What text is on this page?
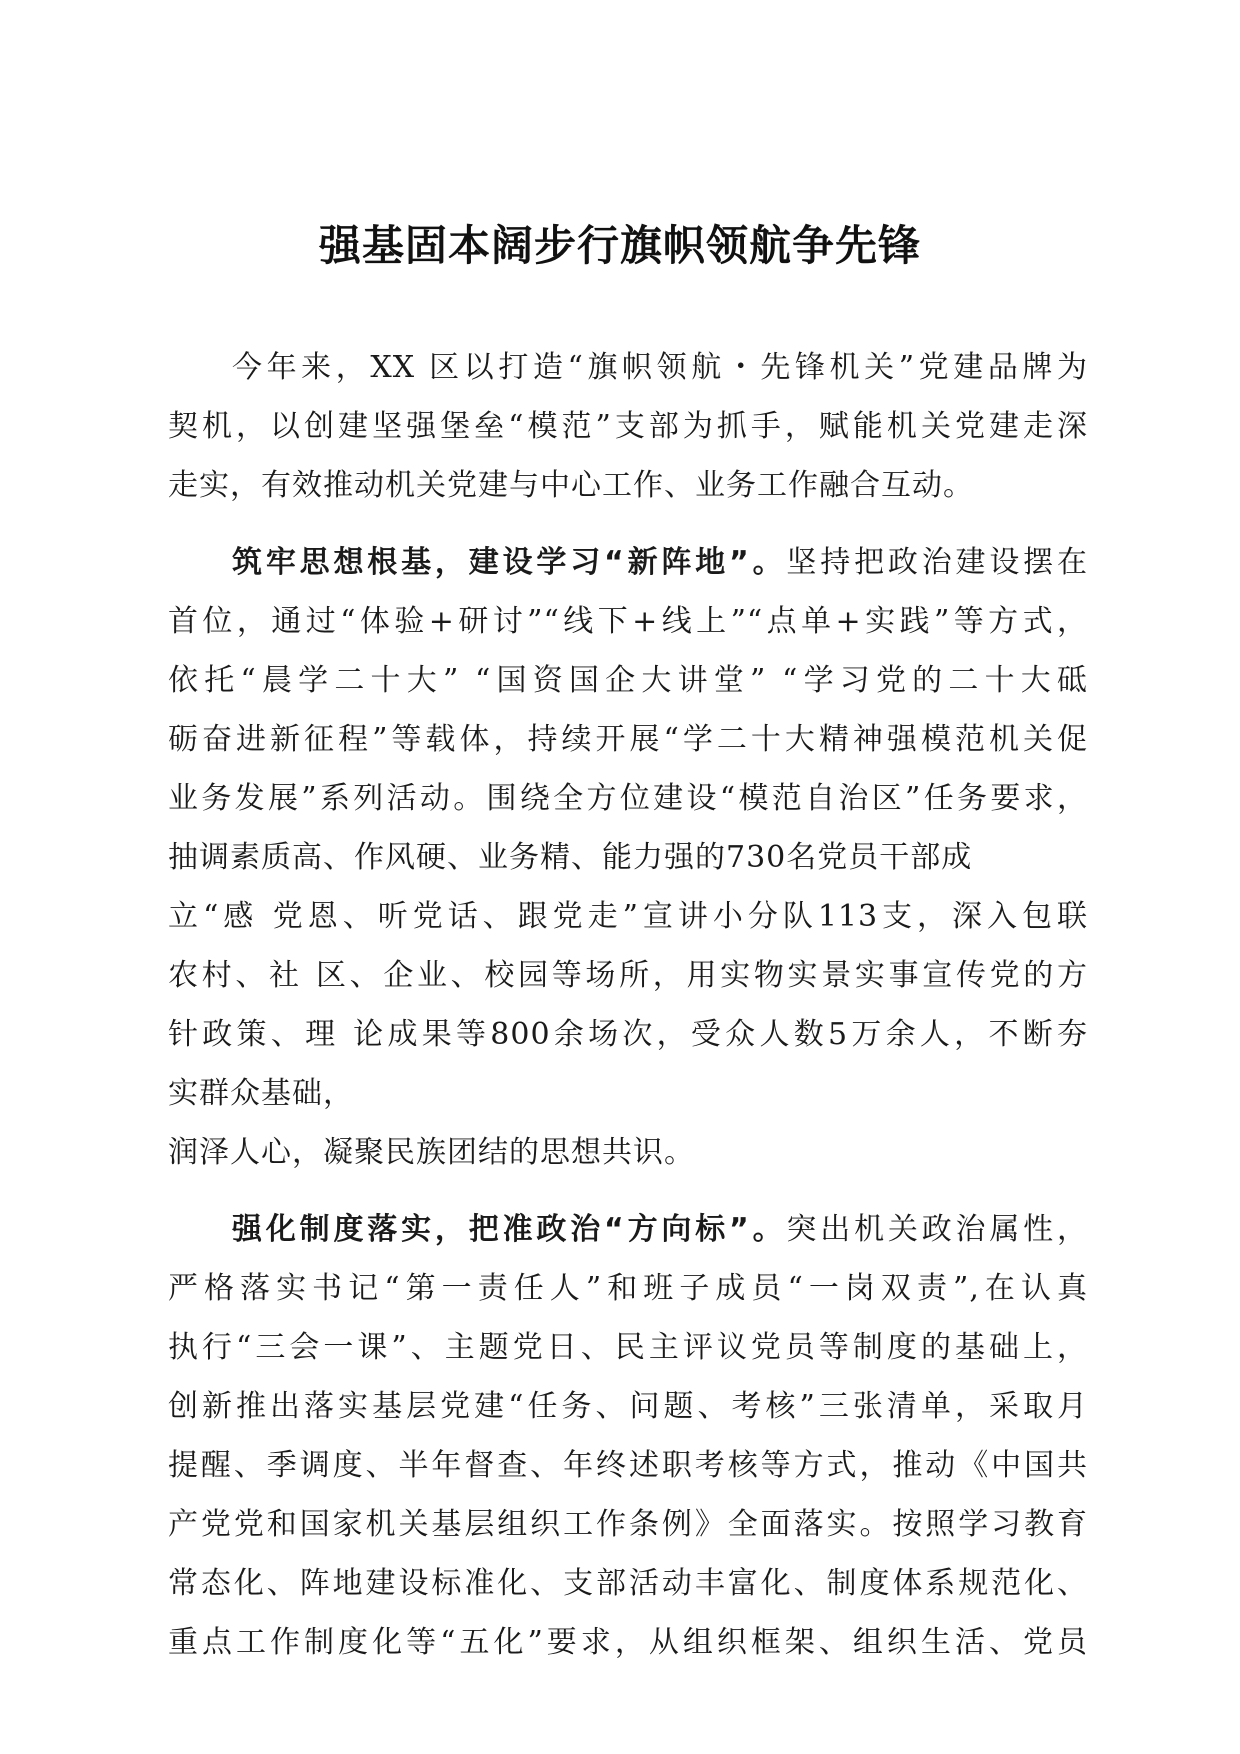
强基固本阔步行旗帜领航争先锋
今年来，XX 区以打造“旗帜领航・先锋机关”党建品牌为
契机，以创建坚强堡垒“模范”支部为抓手，赋能机关党建走深
走实，有效推动机关党建与中心工作、业务工作融合互动。
筑牢思想根基，建设学习“新阵地”。坚持把政治建设摆在
首位，通过“体验+研讨”“线下+线上”“点单+实践”等方式，
依托“晨学二十大” “国资国企大讲堂” “学习党的二十大砥
砺奋进新征程”等载体，持续开展“学二十大精神强模范机关促
业务发展”系列活动。围绕全方位建设“模范自治区”任务要求，
抽调素质高、作风硬、业务精、能力强的730名党员干部成
立“感 党恩、听党话、跟党走”宣讲小分队113支，深入包联
农村、社 区、企业、校园等场所，用实物实景实事宣传党的方
针政策、理 论成果等800余场次，受众人数5万余人，不断夯
实群众基础，
润泽人心，凝聚民族团结的思想共识。
强化制度落实，把准政治“方向标”。突出机关政治属性，
严格落实书记“第一责任人”和班子成员“一岗双责”,在认真
执行“三会一课”、主题党日、民主评议党员等制度的基础上，
创新推出落实基层党建“任务、问题、考核”三张清单，采取月
提醒、季调度、半年督查、年终述职考核等方式，推动《中国共
产党党和国家机关基层组织工作条例》全面落实。按照学习教育
常态化、阵地建设标准化、支部活动丰富化、制度体系规范化、
重点工作制度化等“五化”要求，从组织框架、组织生活、党员
